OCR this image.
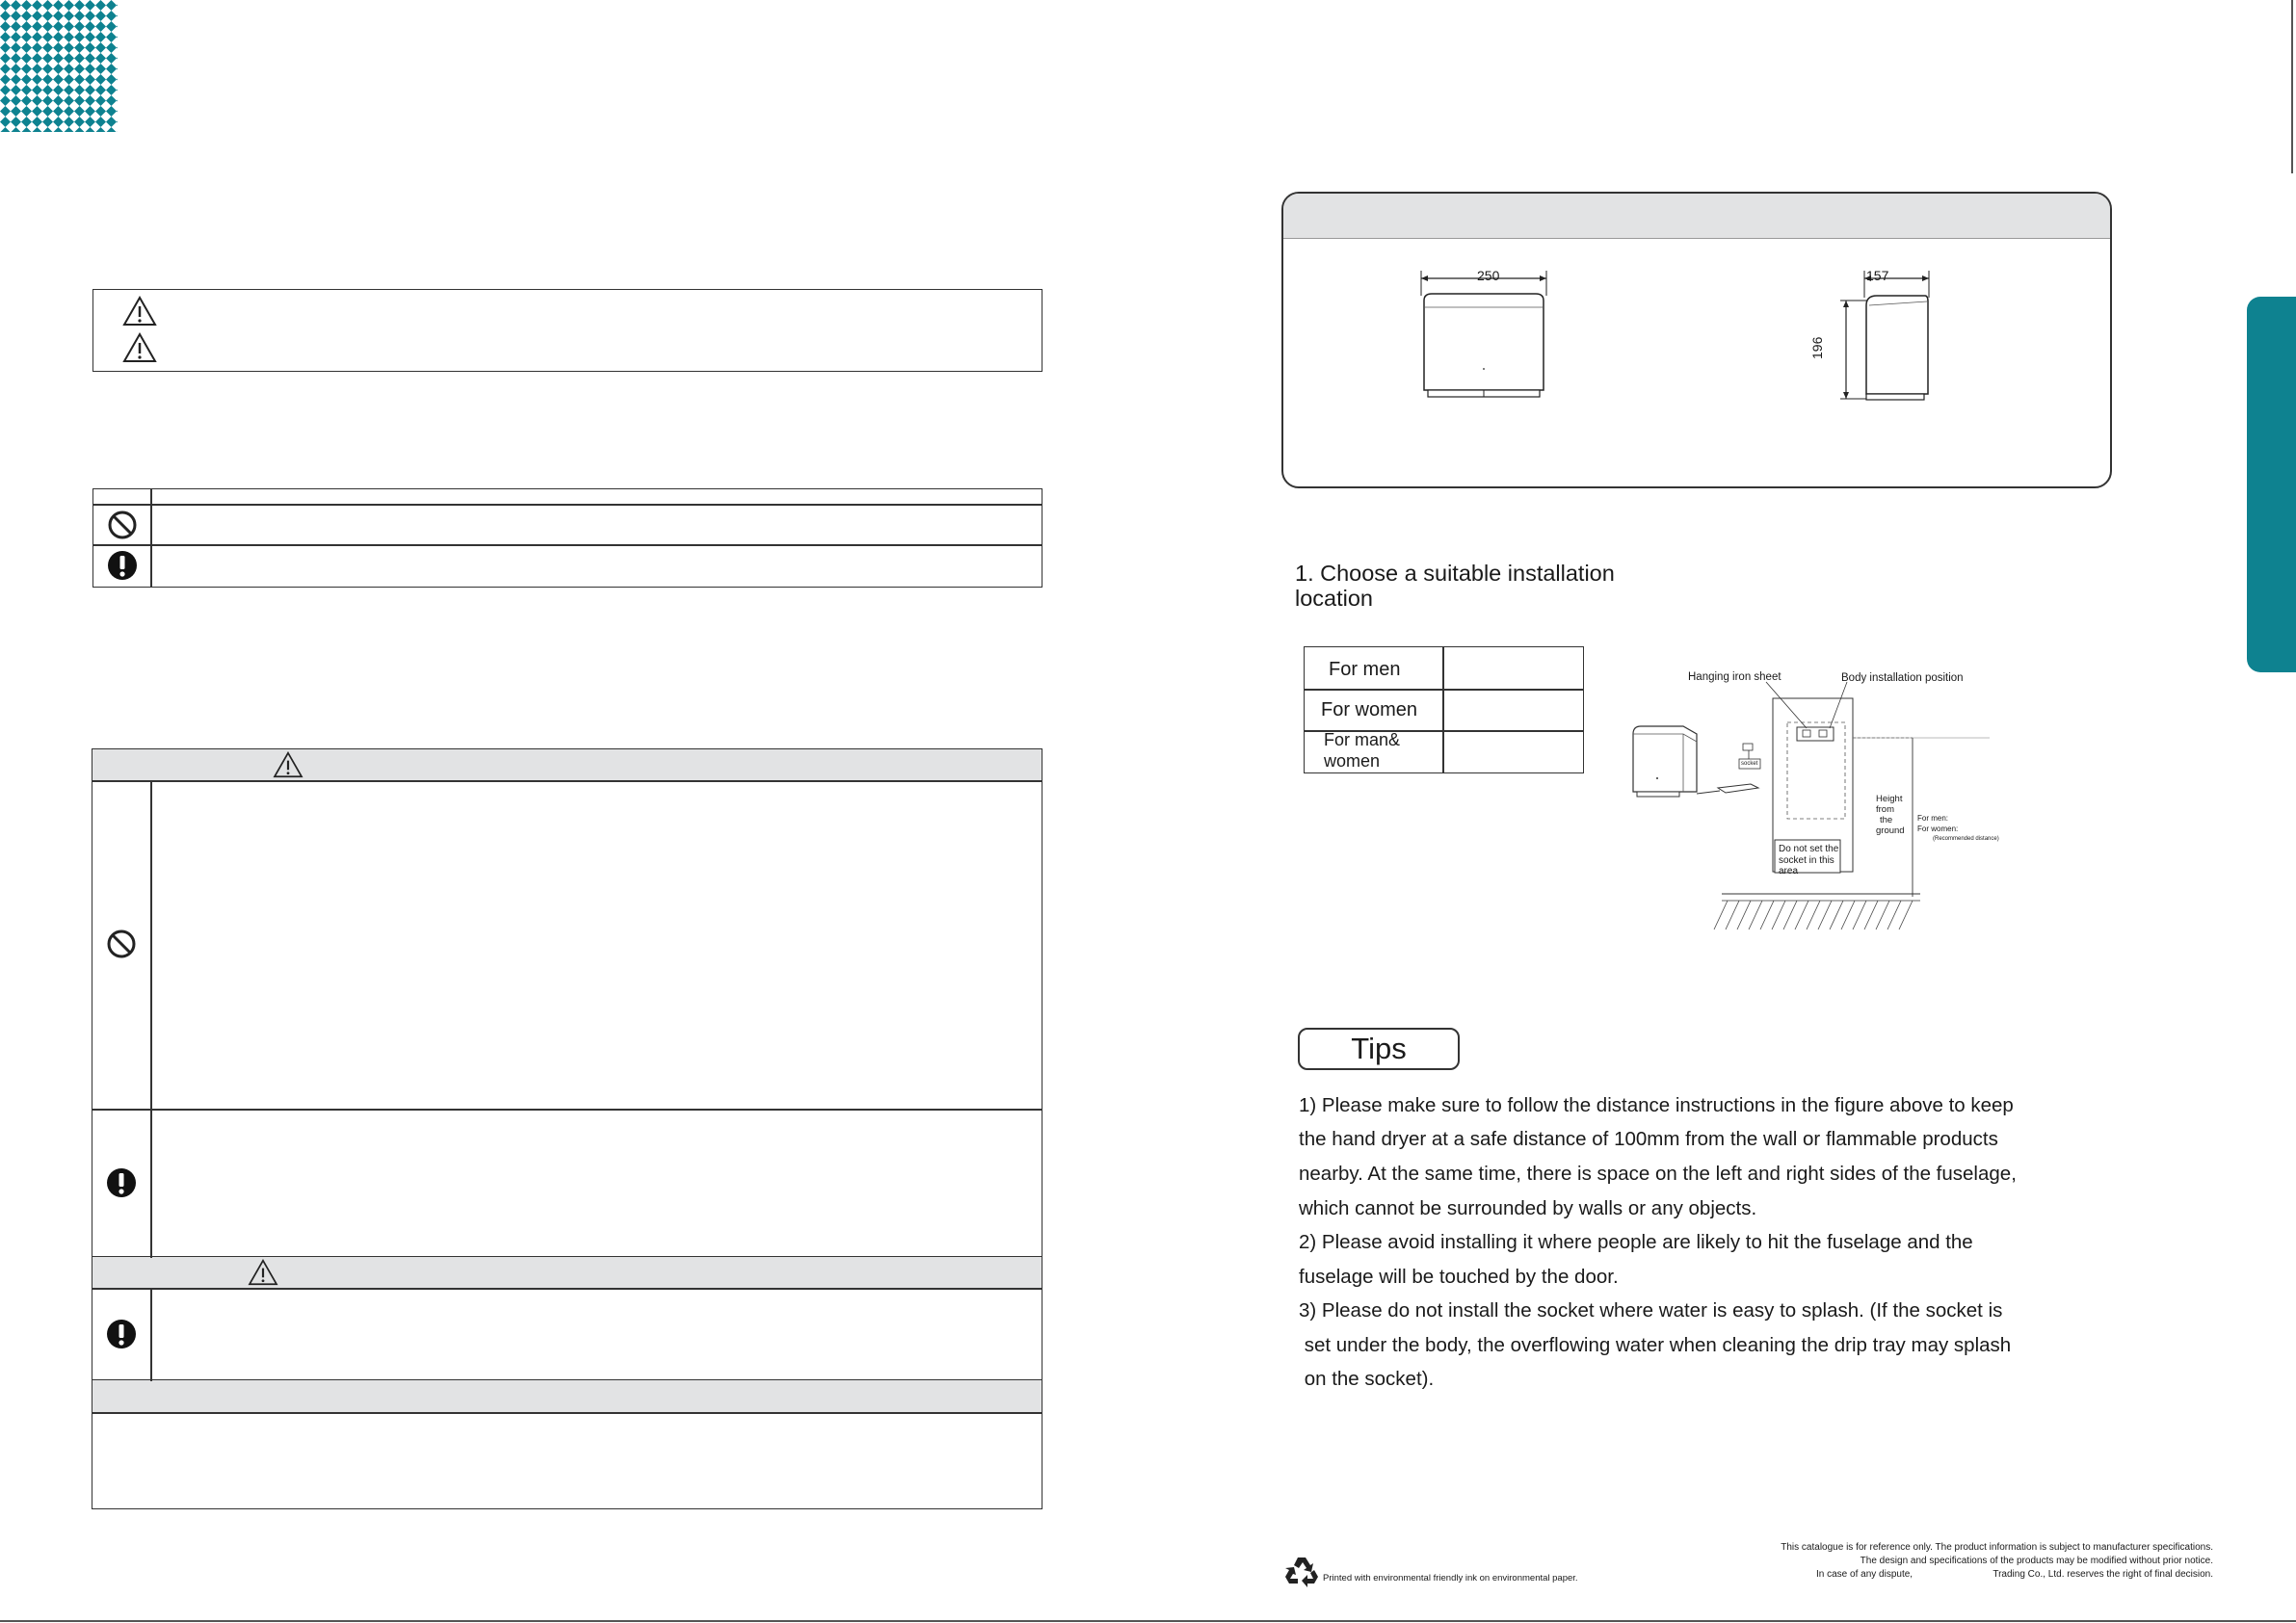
250	157
196
1. Choose a suitable installation
location
For men
For women
For man&
women
Hanging iron sheet	Body installation position
socket
Height
from
the
ground
For men:
For women:
(Recommended distance)
Do not set the
socket in this
area
Tips
1) Please make sure to follow the distance instructions in the figure above to keep
the hand dryer at a safe distance of 100mm from the wall or flammable products
nearby. At the same time, there is space on the left and right sides of the fuselage,
which cannot be surrounded by walls or any objects.
2) Please avoid installing it where people are likely to hit the fuselage and the
fuselage will be touched by the door.
3) Please do not install the socket where water is easy to splash. (If the socket is
set under the body, the overflowing water when cleaning the drip tray may splash
on the socket).
Printed with environmental friendly ink on environmental paper.
This catalogue is for reference only. The product information is subject to manufacturer specifications.
The design and specifications of the products may be modified without prior notice.
Trading Co., Ltd. reserves the right of final decision.
In case of any dispute,
